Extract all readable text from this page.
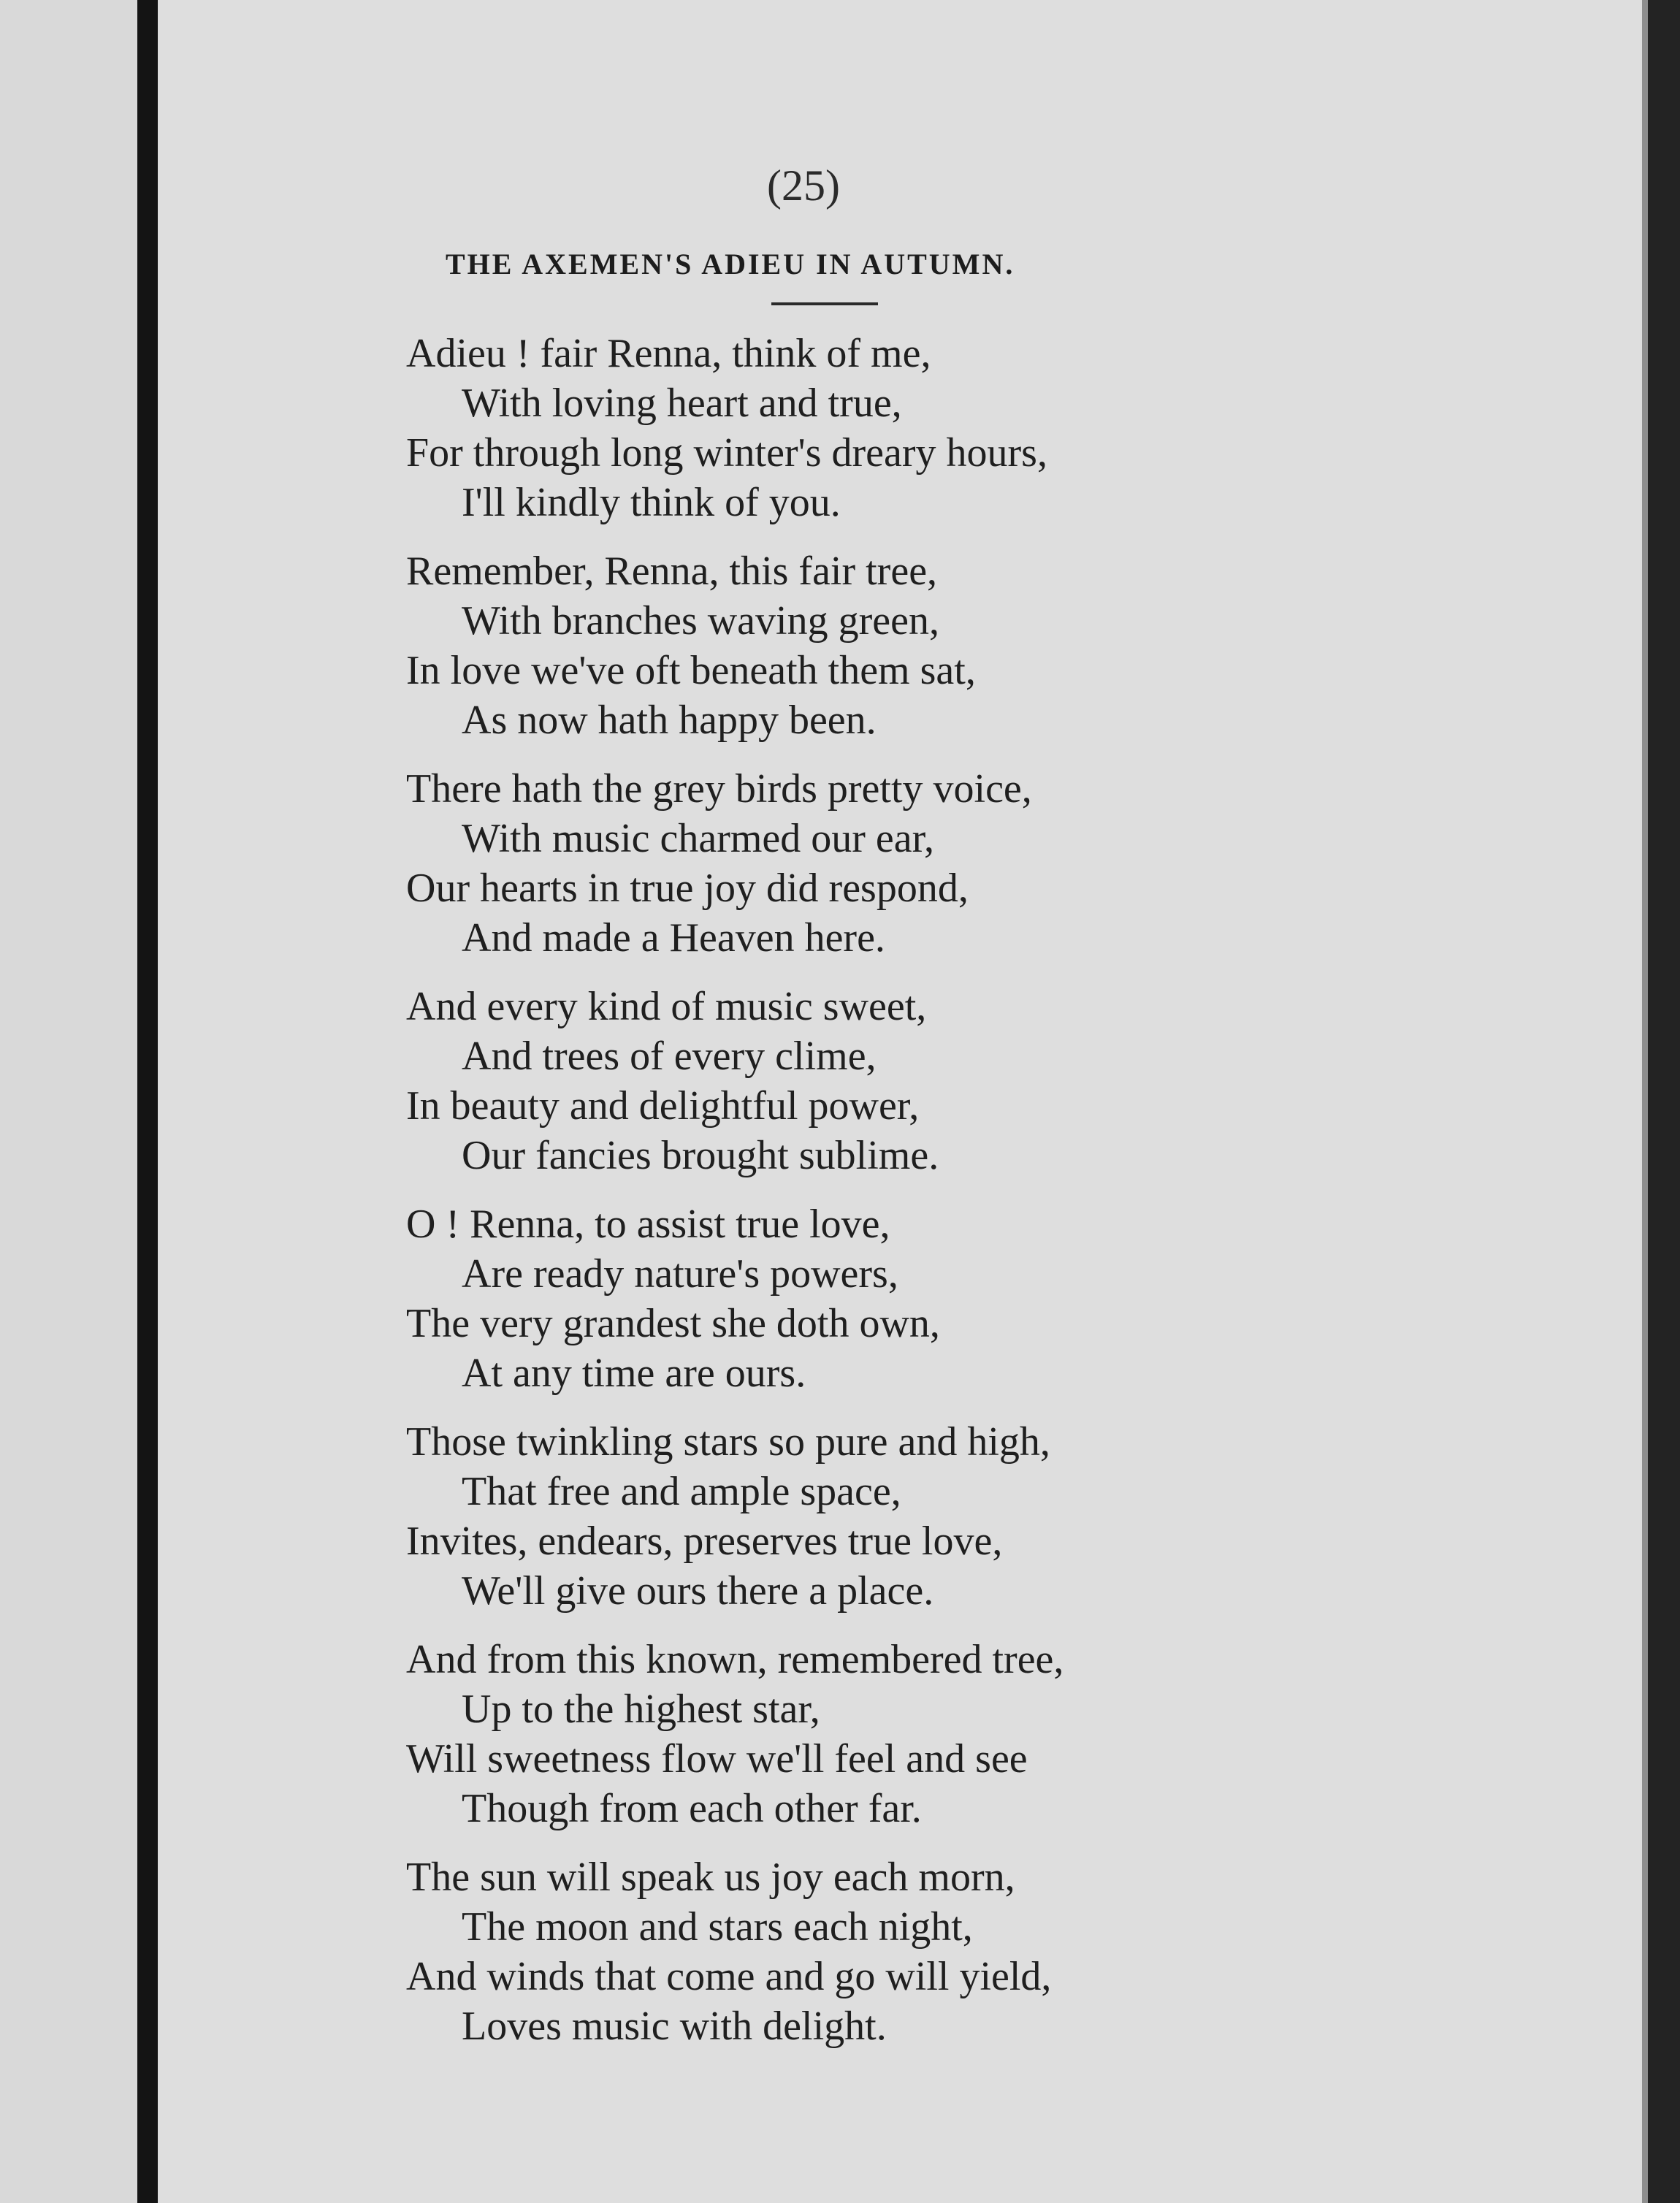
(25)
THE AXEMEN'S ADIEU IN AUTUMN.
Adieu ! fair Renna, think of me,
With loving heart and true,
For through long winter's dreary hours,
I'll kindly think of you.
Remember, Renna, this fair tree,
With branches waving green,
In love we've oft beneath them sat,
As now hath happy been.
There hath the grey birds pretty voice,
With music charmed our ear,
Our hearts in true joy did respond,
And made a Heaven here.
And every kind of music sweet,
And trees of every clime,
In beauty and delightful power,
Our fancies brought sublime.
O ! Renna, to assist true love,
Are ready nature's powers,
The very grandest she doth own,
At any time are ours.
Those twinkling stars so pure and high,
That free and ample space,
Invites, endears, preserves true love,
We'll give ours there a place.
And from this known, remembered tree,
Up to the highest star,
Will sweetness flow we'll feel and see
Though from each other far.
The sun will speak us joy each morn,
The moon and stars each night,
And winds that come and go will yield,
Loves music with delight.
